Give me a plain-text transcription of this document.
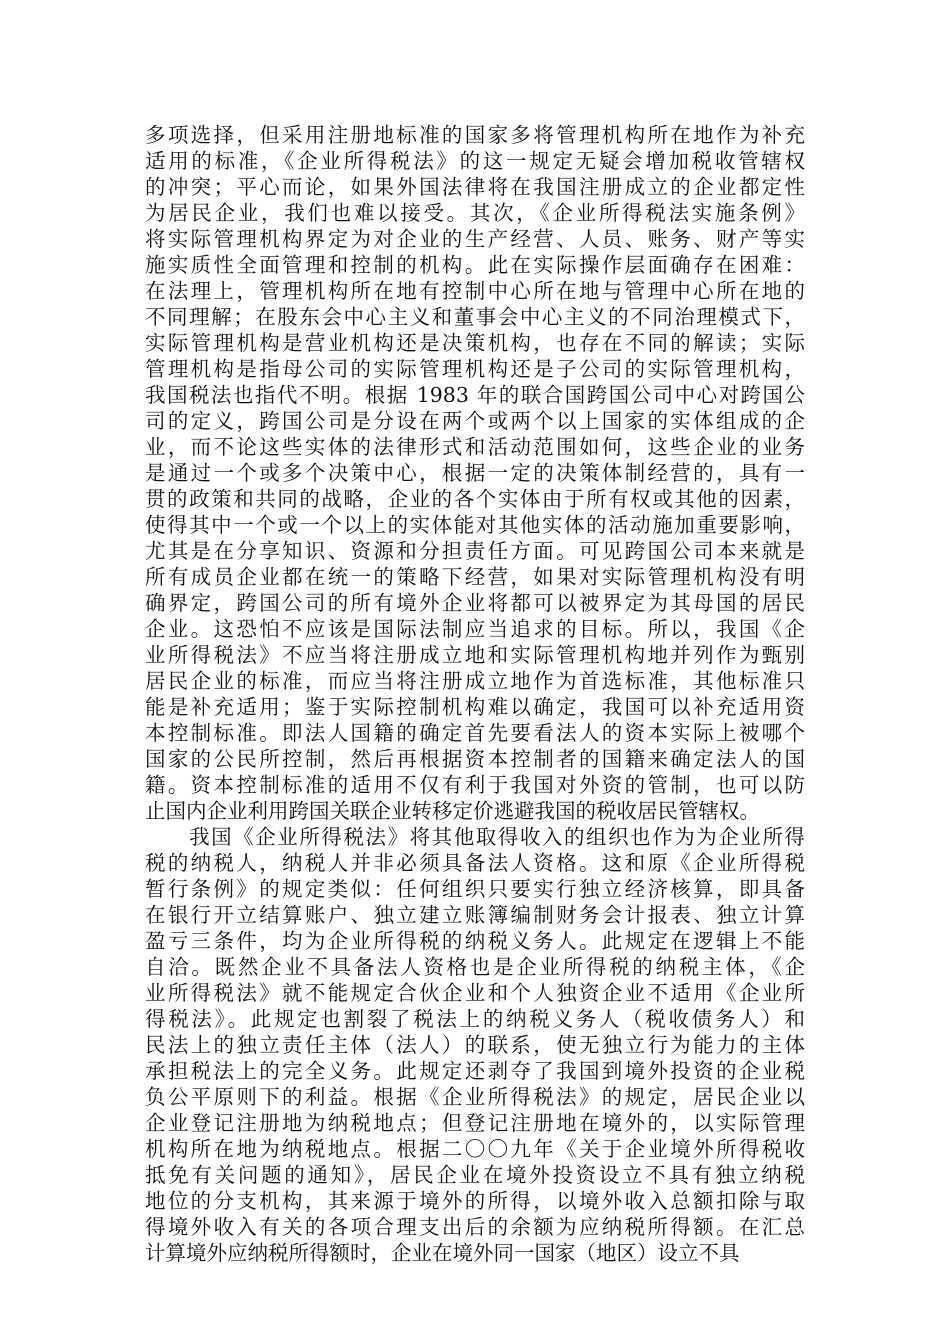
多项选择，但采用注册地标准的国家多将管理机构所在地作为补充
适用的标准，《企业所得税法》的这一规定无疑会增加税收管辖权
的冲突；平心而论，如果外国法律将在我国注册成立的企业都定性
为居民企业，我们也难以接受。其次，《企业所得税法实施条例》
将实际管理机构界定为对企业的生产经营、人员、账务、财产等实
施实质性全面管理和控制的机构。此在实际操作层面确存在困难：
在法理上，管理机构所在地有控制中心所在地与管理中心所在地的
不同理解；在股东会中心主义和董事会中心主义的不同治理模式下，
实际管理机构是营业机构还是决策机构，也存在不同的解读；实际
管理机构是指母公司的实际管理机构还是子公司的实际管理机构，
我国税法也指代不明。根据 1983 年的联合国跨国公司中心对跨国公
司的定义，跨国公司是分设在两个或两个以上国家的实体组成的企
业，而不论这些实体的法律形式和活动范围如何，这些企业的业务
是通过一个或多个决策中心，根据一定的决策体制经营的，具有一
贯的政策和共同的战略，企业的各个实体由于所有权或其他的因素，
使得其中一个或一个以上的实体能对其他实体的活动施加重要影响，
尤其是在分享知识、资源和分担责任方面。可见跨国公司本来就是
所有成员企业都在统一的策略下经营，如果对实际管理机构没有明
确界定，跨国公司的所有境外企业将都可以被界定为其母国的居民
企业。这恐怕不应该是国际法制应当追求的目标。所以，我国《企
业所得税法》不应当将注册成立地和实际管理机构地并列作为甄别
居民企业的标准，而应当将注册成立地作为首选标准，其他标准只
能是补充适用；鉴于实际控制机构难以确定，我国可以补充适用资
本控制标准。即法人国籍的确定首先要看法人的资本实际上被哪个
国家的公民所控制，然后再根据资本控制者的国籍来确定法人的国
籍。资本控制标准的适用不仅有利于我国对外资的管制，也可以防
止国内企业利用跨国关联企业转移定价逃避我国的税收居民管辖权。
　　我国《企业所得税法》将其他取得收入的组织也作为为企业所得
税的纳税人，纳税人并非必须具备法人资格。这和原《企业所得税
暂行条例》的规定类似：任何组织只要实行独立经济核算，即具备
在银行开立结算账户、独立建立账簿编制财务会计报表、独立计算
盈亏三条件，均为企业所得税的纳税义务人。此规定在逻辑上不能
自洽。既然企业不具备法人资格也是企业所得税的纳税主体，《企
业所得税法》就不能规定合伙企业和个人独资企业不适用《企业所
得税法》。此规定也割裂了税法上的纳税义务人（税收债务人）和
民法上的独立责任主体（法人）的联系，使无独立行为能力的主体
承担税法上的完全义务。此规定还剥夺了我国到境外投资的企业税
负公平原则下的利益。根据《企业所得税法》的规定，居民企业以
企业登记注册地为纳税地点；但登记注册地在境外的，以实际管理
机构所在地为纳税地点。根据二〇〇九年《关于企业境外所得税收
抵免有关问题的通知》，居民企业在境外投资设立不具有独立纳税
地位的分支机构，其来源于境外的所得，以境外收入总额扣除与取
得境外收入有关的各项合理支出后的余额为应纳税所得额。在汇总
计算境外应纳税所得额时，企业在境外同一国家（地区）设立不具
